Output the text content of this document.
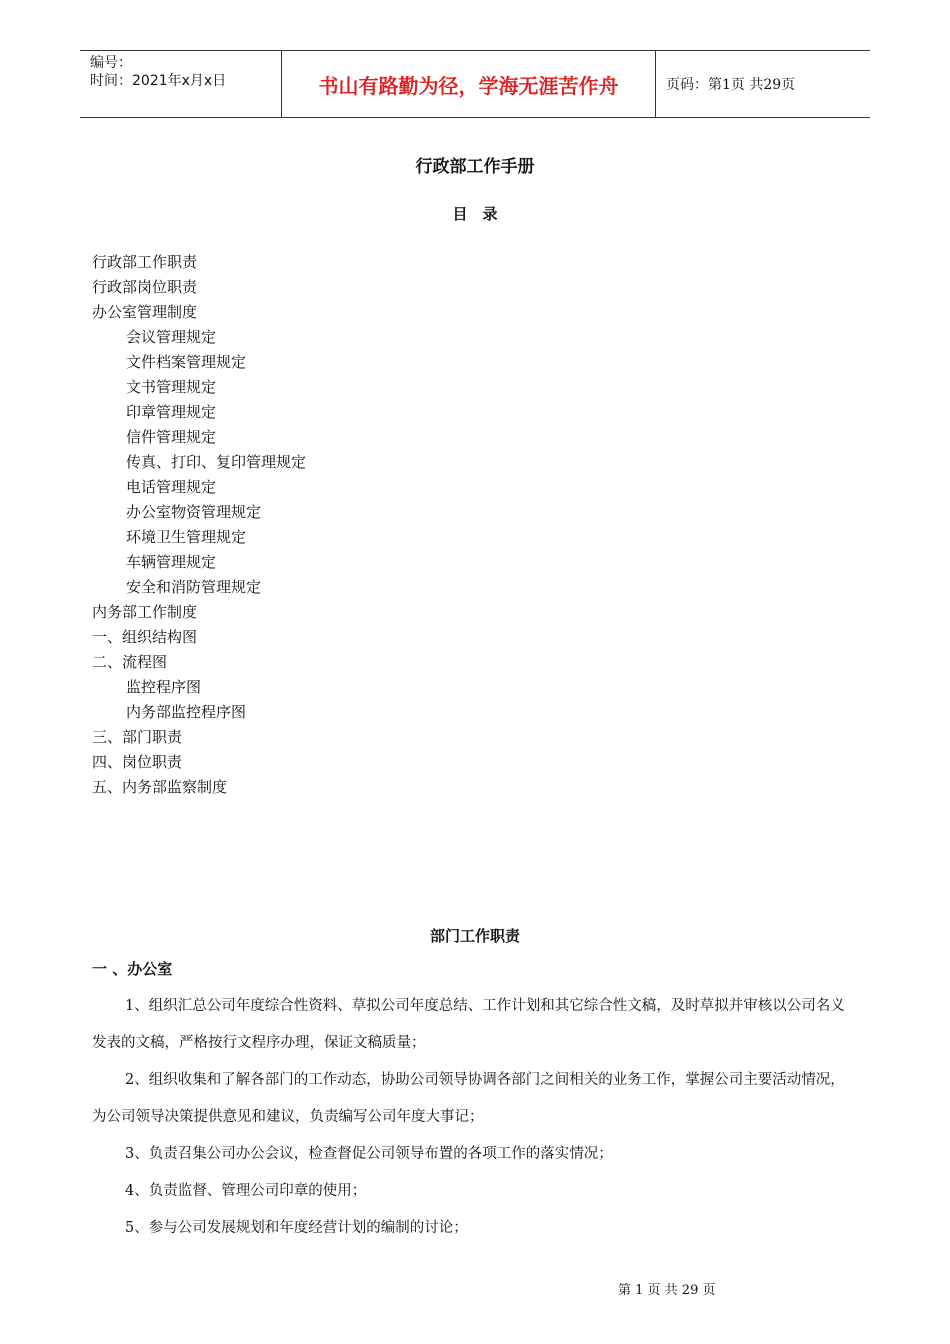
编号：
时间：2021年x月x日	书山有路勤为径，学海无涯苦作舟	页码：第1页 共29页
行政部工作手册
目　录
行政部工作职责
行政部岗位职责
办公室管理制度
会议管理规定
文件档案管理规定
文书管理规定
印章管理规定
信件管理规定
传真、打印、复印管理规定
电话管理规定
办公室物资管理规定
环境卫生管理规定
车辆管理规定
安全和消防管理规定
内务部工作制度
一、组织结构图
二、流程图
监控程序图
内务部监控程序图
三、部门职责
四、岗位职责
五、内务部监察制度
部门工作职责
一 、办公室

1、组织汇总公司年度综合性资料、草拟公司年度总结、工作计划和其它综合性文稿，及时草拟并审核以公司名义发表的文稿，严格按行文程序办理，保证文稿质量；

2、组织收集和了解各部门的工作动态，协助公司领导协调各部门之间相关的业务工作，掌握公司主要活动情况，为公司领导决策提供意见和建议，负责编写公司年度大事记；

3、负责召集公司办公会议，检查督促公司领导布置的各项工作的落实情况；

4、负责监督、管理公司印章的使用；

5、参与公司发展规划和年度经营计划的编制的讨论；

第 1 页 共 29 页
